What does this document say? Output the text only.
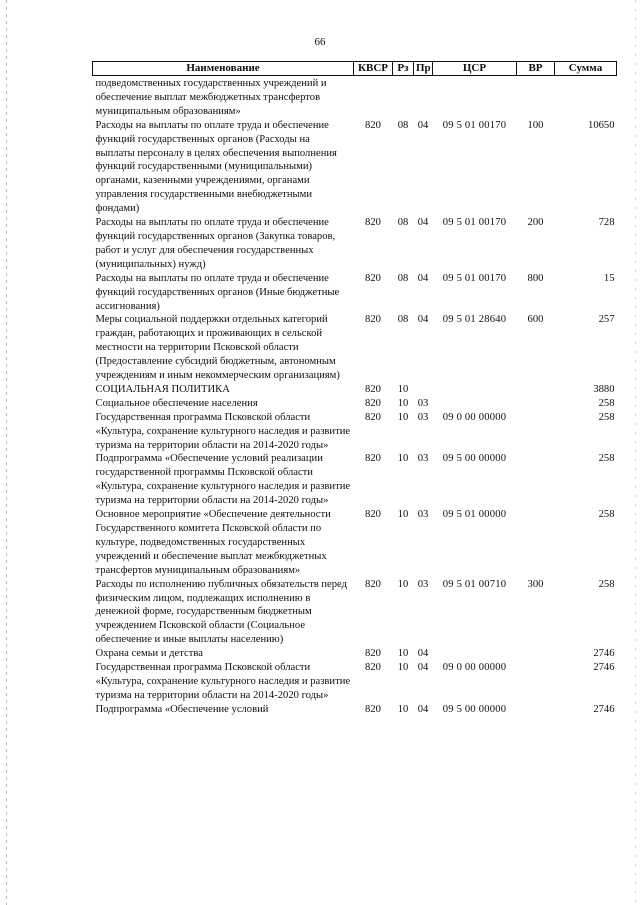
66
Наименование	КВСР	Рз	Пр	ЦСР	ВР	Сумма
подведомственных государственных учреждений и обеспечение выплат межбюджетных трансфертов муниципальным образованиям»						
Расходы на выплаты по оплате труда и обеспечение функций государственных органов (Расходы на выплаты персоналу в целях обеспечения выполнения функций государственными (муниципальными) органами, казенными учреждениями, органами управления государственными внебюджетными фондами)	820	08	04	09 5 01 00170	100	10650
Расходы на выплаты по оплате труда и обеспечение функций государственных органов (Закупка товаров, работ и услуг для обеспечения государственных (муниципальных) нужд)	820	08	04	09 5 01 00170	200	728
Расходы на выплаты по оплате труда и обеспечение функций государственных органов (Иные бюджетные ассигнования)	820	08	04	09 5 01 00170	800	15
Меры социальной поддержки отдельных категорий граждан, работающих и проживающих в сельской местности на территории Псковской области (Предоставление субсидий бюджетным, автономным учреждениям и иным некоммерческим организациям)	820	08	04	09 5 01 28640	600	257
СОЦИАЛЬНАЯ ПОЛИТИКА	820	10				3880
Социальное обеспечение населения	820	10	03			258
Государственная программа Псковской области «Культура, сохранение культурного наследия и развитие туризма на территории области на 2014-2020 годы»	820	10	03	09 0 00 00000		258
Подпрограмма «Обеспечение условий реализации государственной программы Псковской области «Культура, сохранение культурного наследия и развитие туризма на территории области на 2014-2020 годы»	820	10	03	09 5 00 00000		258
Основное мероприятие «Обеспечение деятельности Государственного комитета Псковской области по культуре, подведомственных государственных учреждений и обеспечение выплат межбюджетных трансфертов муниципальным образованиям»	820	10	03	09 5 01 00000		258
Расходы по исполнению публичных обязательств перед физическим лицом, подлежащих исполнению в денежной форме, государственным бюджетным учреждением Псковской области (Социальное обеспечение и иные выплаты населению)	820	10	03	09 5 01 00710	300	258
Охрана семьи и детства	820	10	04			2746
Государственная программа Псковской области «Культура, сохранение культурного наследия и развитие туризма на территории области на 2014-2020 годы»	820	10	04	09 0 00 00000		2746
Подпрограмма «Обеспечение условий	820	10	04	09 5 00 00000		2746
